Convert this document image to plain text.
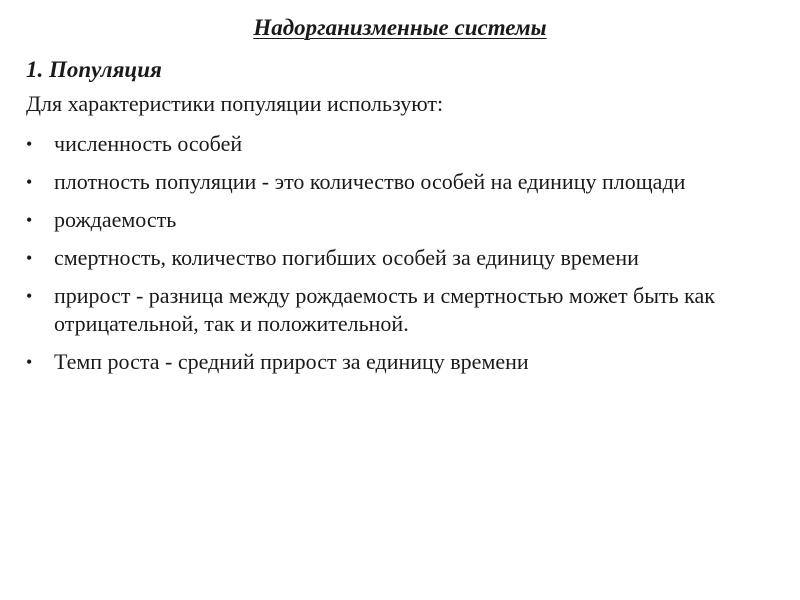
Надорганизменные системы
1. Популяция
Для характеристики популяции используют:
• численность особей
• плотность популяции - это количество особей на единицу площади
• рождаемость
• смертность, количество погибших особей за единицу времени
• прирост - разница между рождаемость и смертностью может быть как отрицательной, так и положительной.
• Темп роста - средний прирост за единицу времени
